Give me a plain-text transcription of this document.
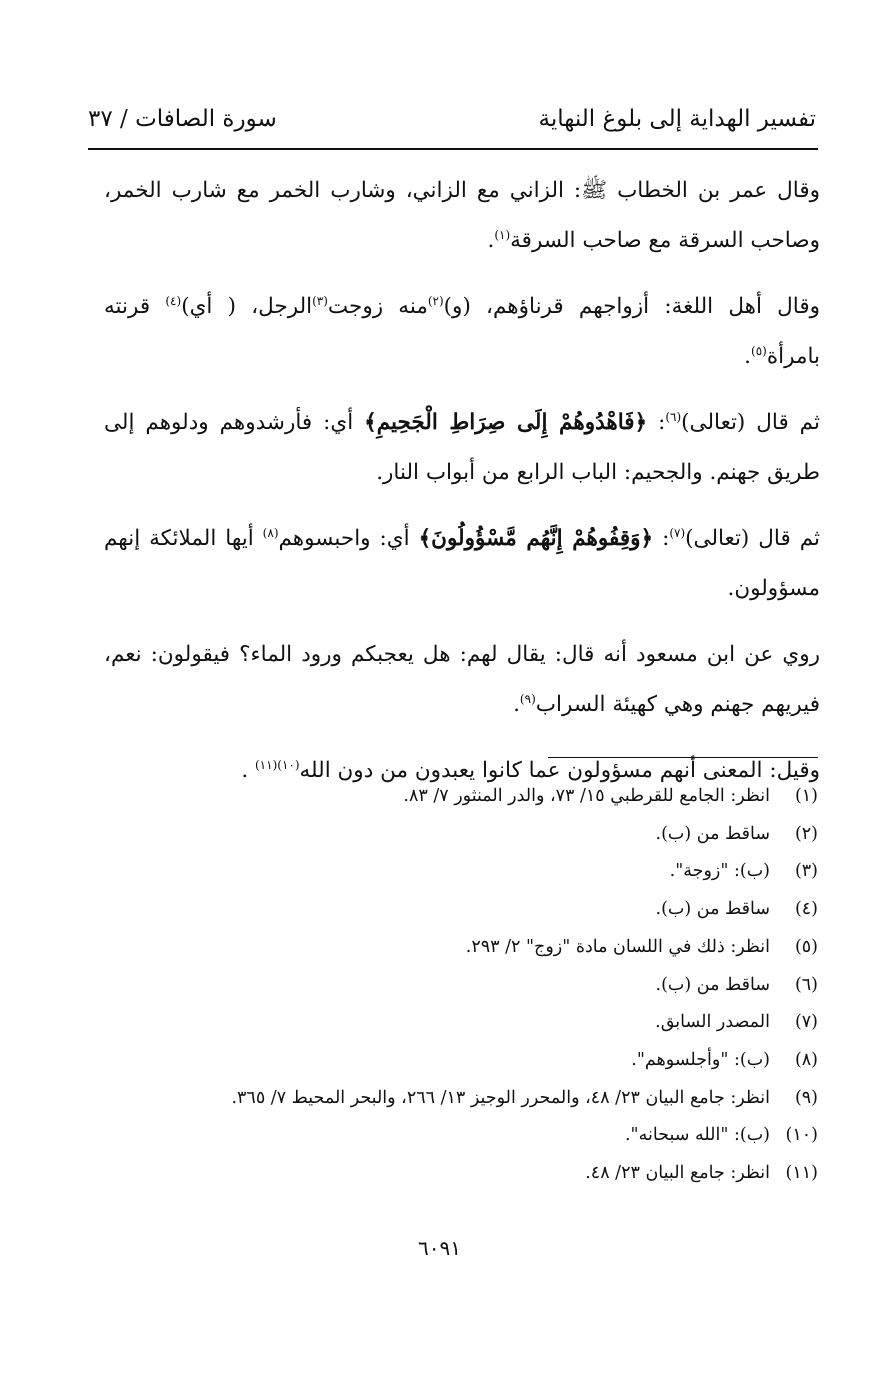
تفسير الهداية إلى بلوغ النهاية
سورة الصافات / ٣٧

وقال عمر بن الخطاب ﷺ: الزاني مع الزاني، وشارب الخمر مع شارب الخمر، وصاحب السرقة مع صاحب السرقة$^{(١)}$.

وقال أهل اللغة: أزواجهم قرناؤهم، (و)$^{(٢)}$منه زوجت$^{(٣)}$الرجل، ( أي)$^{(٤)}$ قرنته بامرأة$^{(٥)}$.

ثم قال (تعالى)$^{(٦)}$: ﴿فَاهْدُوهُمْ إِلَى صِرَاطِ الْجَحِيمِ﴾ أي: فأرشدوهم ودلوهم إلى طريق جهنم. والجحيم: الباب الرابع من أبواب النار.

ثم قال (تعالى)$^{(٧)}$: ﴿وَقِفُوهُمْ إِنَّهُم مَّسْؤُولُونَ﴾ أي: واحبسوهم$^{(٨)}$ أيها الملائكة إنهم مسؤولون.

روي عن ابن مسعود أنه قال: يقال لهم: هل يعجبكم ورود الماء؟ فيقولون: نعم، فيريهم جهنم وهي كهيئة السراب$^{(٩)}$.

وقيل: المعنى أنهم مسؤولون عما كانوا يعبدون من دون الله$^{(١٠)(١١)}$ .

(١)انظر: الجامع للقرطبي ١٥/ ٧٣، والدر المنثور ٧/ ٨٣.
(٢)ساقط من (ب).
(٣)(ب): "زوجة".
(٤)ساقط من (ب).
(٥)انظر: ذلك في اللسان مادة "زوج" ٢/ ٢٩٣.
(٦)ساقط من (ب).
(٧)المصدر السابق.
(٨)(ب): "وأجلسوهم".
(٩)انظر: جامع البيان ٢٣/ ٤٨، والمحرر الوجيز ١٣/ ٢٦٦، والبحر المحيط ٧/ ٣٦٥.
(١٠)(ب): "الله سبحانه".
(١١)انظر: جامع البيان ٢٣/ ٤٨.
٦٠٩١
